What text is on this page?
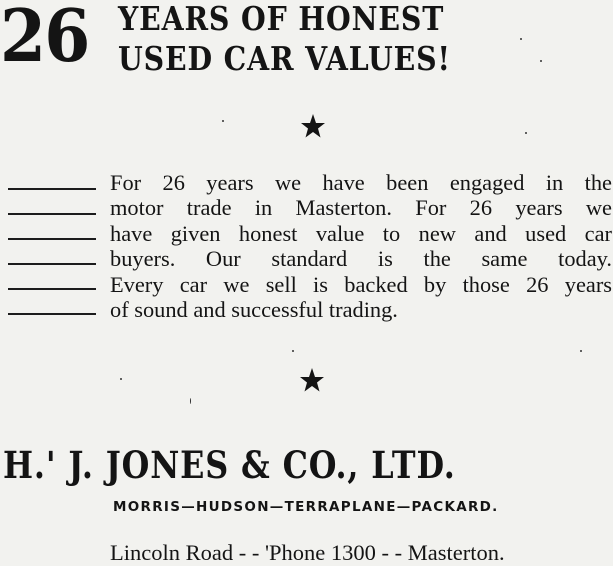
26 YEARS OF HONEST
USED CAR VALUES!
For 26 years we have been engaged in the
motor trade in Masterton. For 26 years we
have given honest value to new and used car
buyers. Our standard is the same today.
Every car we sell is backed by those 26 years
of sound and successful trading.
H.' J. JONES & CO., LTD.
MORRIS—HUDSON—TERRAPLANE—PACKARD.
Lincoln Road - - 'Phone 1300 - - Masterton.
